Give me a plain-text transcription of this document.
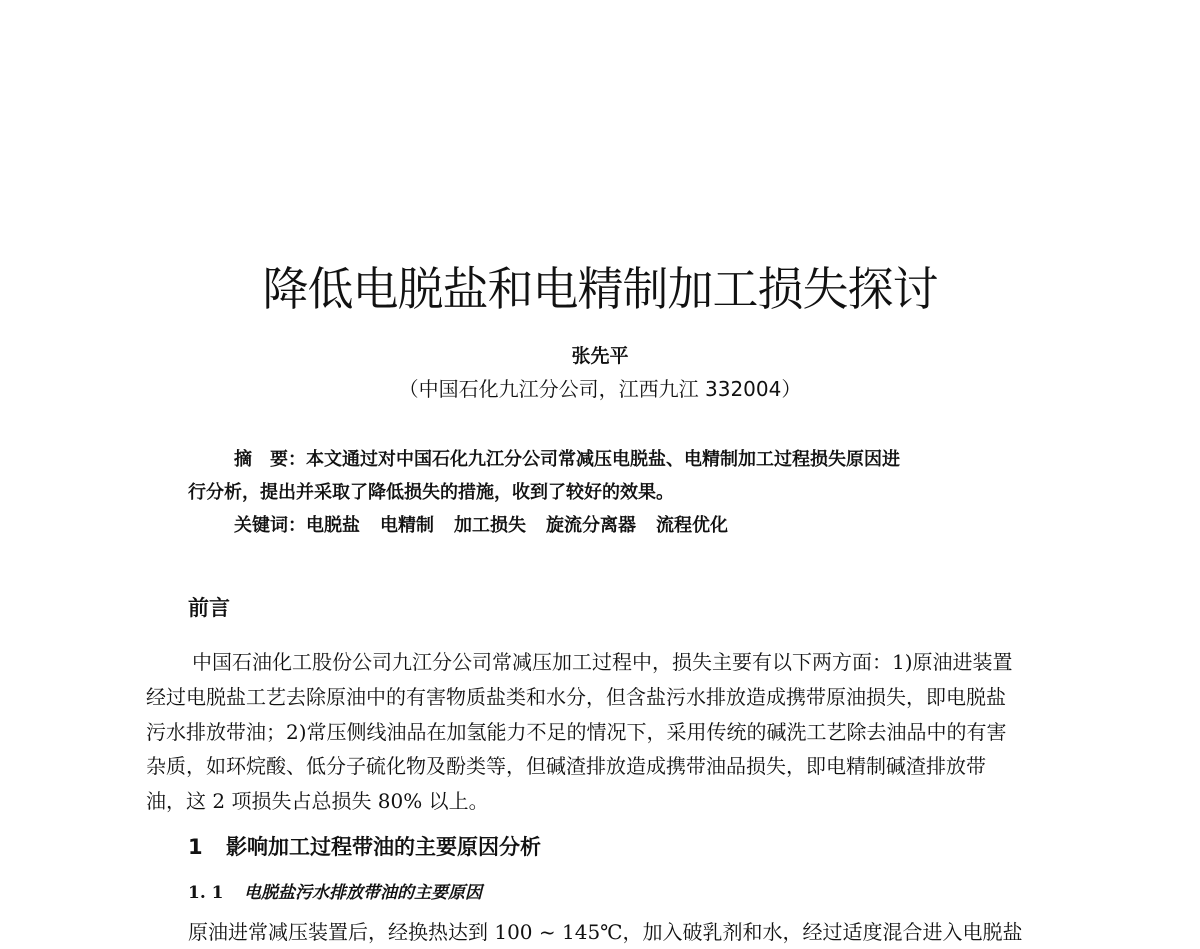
降低电脱盐和电精制加工损失探讨
张先平
（中国石化九江分公司，江西九江 332004）
摘　要：本文通过对中国石化九江分公司常减压电脱盐、电精制加工过程损失原因进
行分析，提出并采取了降低损失的措施，收到了较好的效果。
关键词：电脱盐 电精制 加工损失 旋流分离器 流程优化
前言
中国石油化工股份公司九江分公司常减压加工过程中，损失主要有以下两方面：1)原油进装置
经过电脱盐工艺去除原油中的有害物质盐类和水分，但含盐污水排放造成携带原油损失，即电脱盐
污水排放带油；2)常压侧线油品在加氢能力不足的情况下，采用传统的碱洗工艺除去油品中的有害
杂质，如环烷酸、低分子硫化物及酚类等，但碱渣排放造成携带油品损失，即电精制碱渣排放带
油，这 2 项损失占总损失 80% 以上。
1 影响加工过程带油的主要原因分析
1. 1 电脱盐污水排放带油的主要原因
原油进常减压装置后，经换热达到 100 ~ 145℃，加入破乳剂和水，经过适度混合进入电脱盐
